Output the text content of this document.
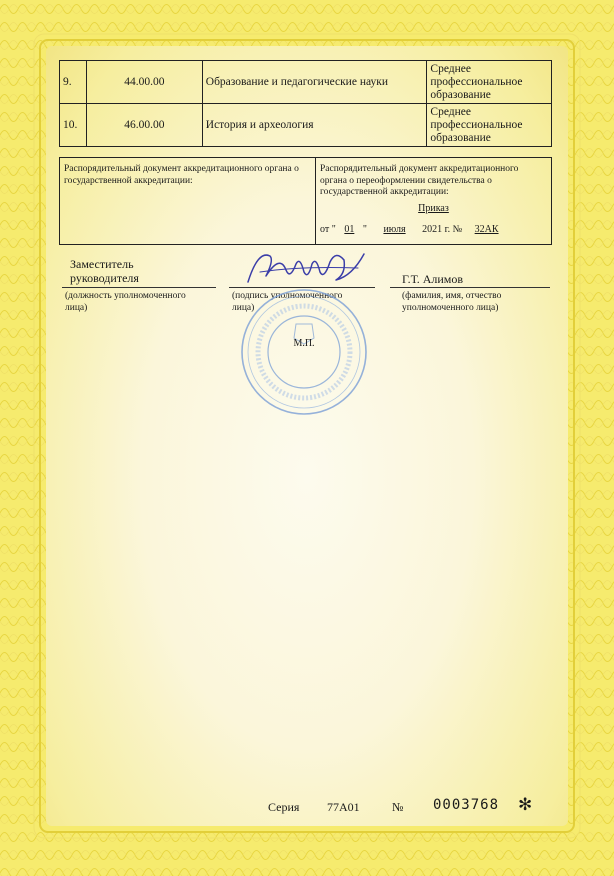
9.	44.00.00	Образование и педагогические науки	Среднее профессиональное образование
10.	46.00.00	История и археология	Среднее профессиональное образование
Распорядительный документ аккредитационного органа о государственной аккредитации:
Распорядительный документ аккредитационного органа о переоформлении свидетельства о государственной аккредитации:
Приказ
от " 01 " июля 2021 г. № 32АК
Заместитель руководителя	Г.Т. Алимов
(должность уполномоченного лица)
(подпись уполномоченного лица)
(фамилия, имя, отчество уполномоченного лица)
М.П.
Серия 77А01	№ 0003768 ✻
